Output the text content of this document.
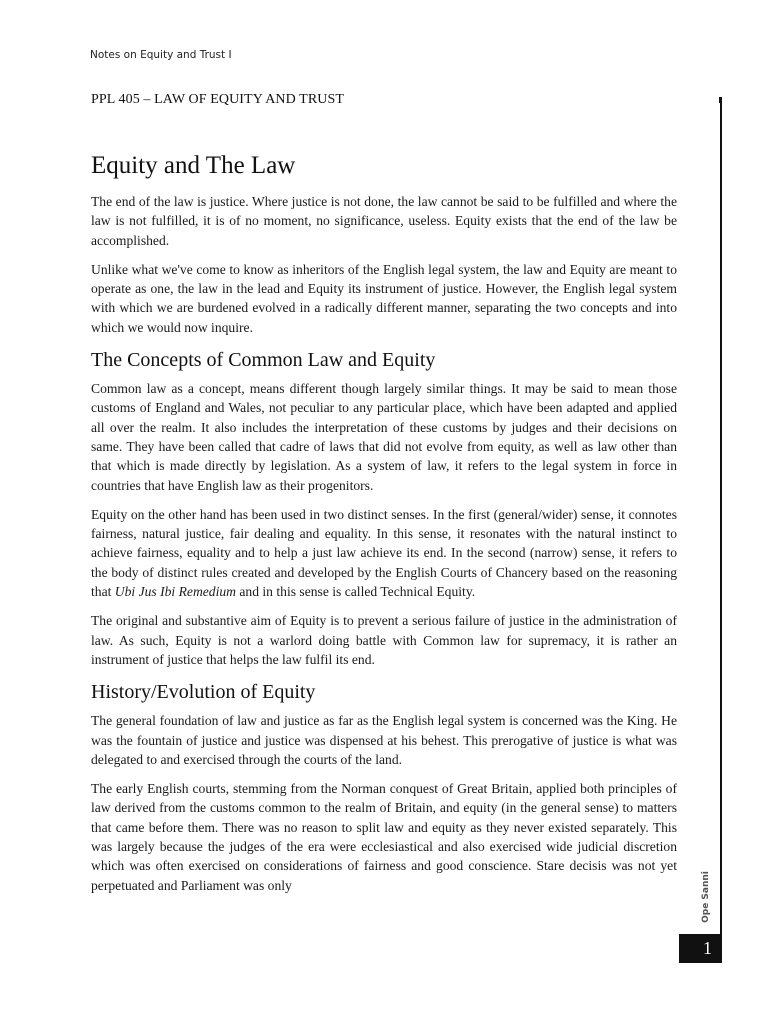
Notes on Equity and Trust I
PPL 405 – LAW OF EQUITY AND TRUST
Equity and The Law

The end of the law is justice. Where justice is not done, the law cannot be said to be fulfilled and where the law is not fulfilled, it is of no moment, no significance, useless. Equity exists that the end of the law be accomplished.

Unlike what we've come to know as inheritors of the English legal system, the law and Equity are meant to operate as one, the law in the lead and Equity its instrument of justice. However, the English legal system with which we are burdened evolved in a radically different manner, separating the two concepts and into which we would now inquire.

The Concepts of Common Law and Equity

Common law as a concept, means different though largely similar things. It may be said to mean those customs of England and Wales, not peculiar to any particular place, which have been adapted and applied all over the realm. It also includes the interpretation of these customs by judges and their decisions on same. They have been called that cadre of laws that did not evolve from equity, as well as law other than that which is made directly by legislation. As a system of law, it refers to the legal system in force in countries that have English law as their progenitors.

Equity on the other hand has been used in two distinct senses. In the first (general/wider) sense, it connotes fairness, natural justice, fair dealing and equality. In this sense, it resonates with the natural instinct to achieve fairness, equality and to help a just law achieve its end. In the second (narrow) sense, it refers to the body of distinct rules created and developed by the English Courts of Chancery based on the reasoning that Ubi Jus Ibi Remedium and in this sense is called Technical Equity.

The original and substantive aim of Equity is to prevent a serious failure of justice in the administration of law. As such, Equity is not a warlord doing battle with Common law for supremacy, it is rather an instrument of justice that helps the law fulfil its end.

History/Evolution of Equity

The general foundation of law and justice as far as the English legal system is concerned was the King. He was the fountain of justice and justice was dispensed at his behest. This prerogative of justice is what was delegated to and exercised through the courts of the land.

The early English courts, stemming from the Norman conquest of Great Britain, applied both principles of law derived from the customs common to the realm of Britain, and equity (in the general sense) to matters that came before them. There was no reason to split law and equity as they never existed separately. This was largely because the judges of the era were ecclesiastical and also exercised wide judicial discretion which was often exercised on considerations of fairness and good conscience. Stare decisis was not yet perpetuated and Parliament was only	Ope Sanni
1
